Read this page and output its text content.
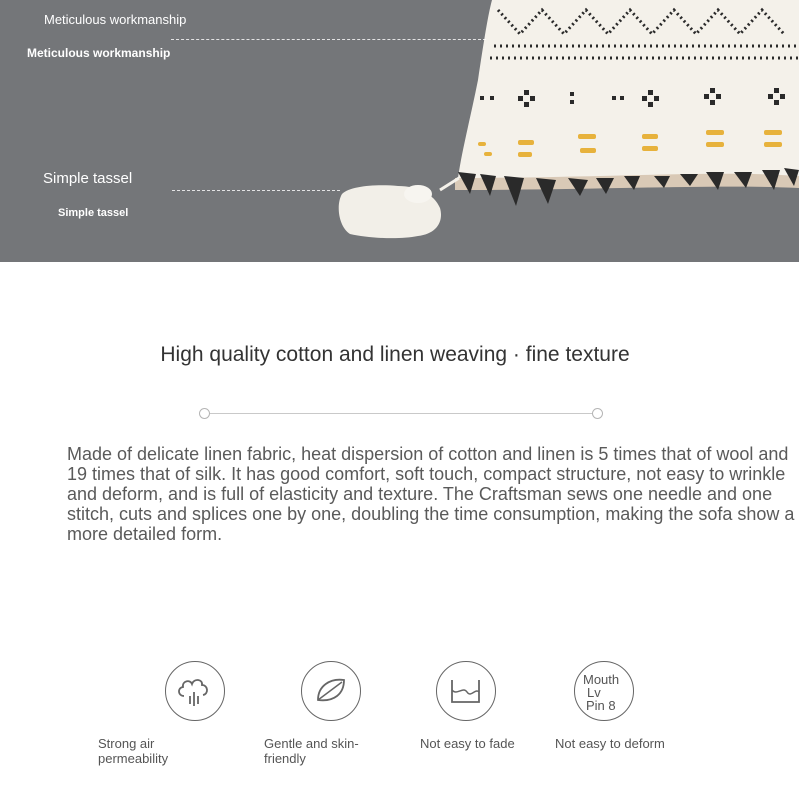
Meticulous workmanship
Meticulous workmanship
Simple tassel
Simple tassel
High quality cotton and linen weaving · fine texture

Made of delicate linen fabric, heat dispersion of cotton and linen is 5 times that of wool and 19 times that of silk. It has good comfort, soft touch, compact structure, not easy to wrinkle and deform, and is full of elasticity and texture. The Craftsman sews one needle and one stitch, cuts and splices one by one, doubling the time consumption, making the sofa show a more detailed form.

Strong air permeability
Gentle and skin-friendly
Not easy to fade
Mouth
Lv
Pin 8
Not easy to deform
